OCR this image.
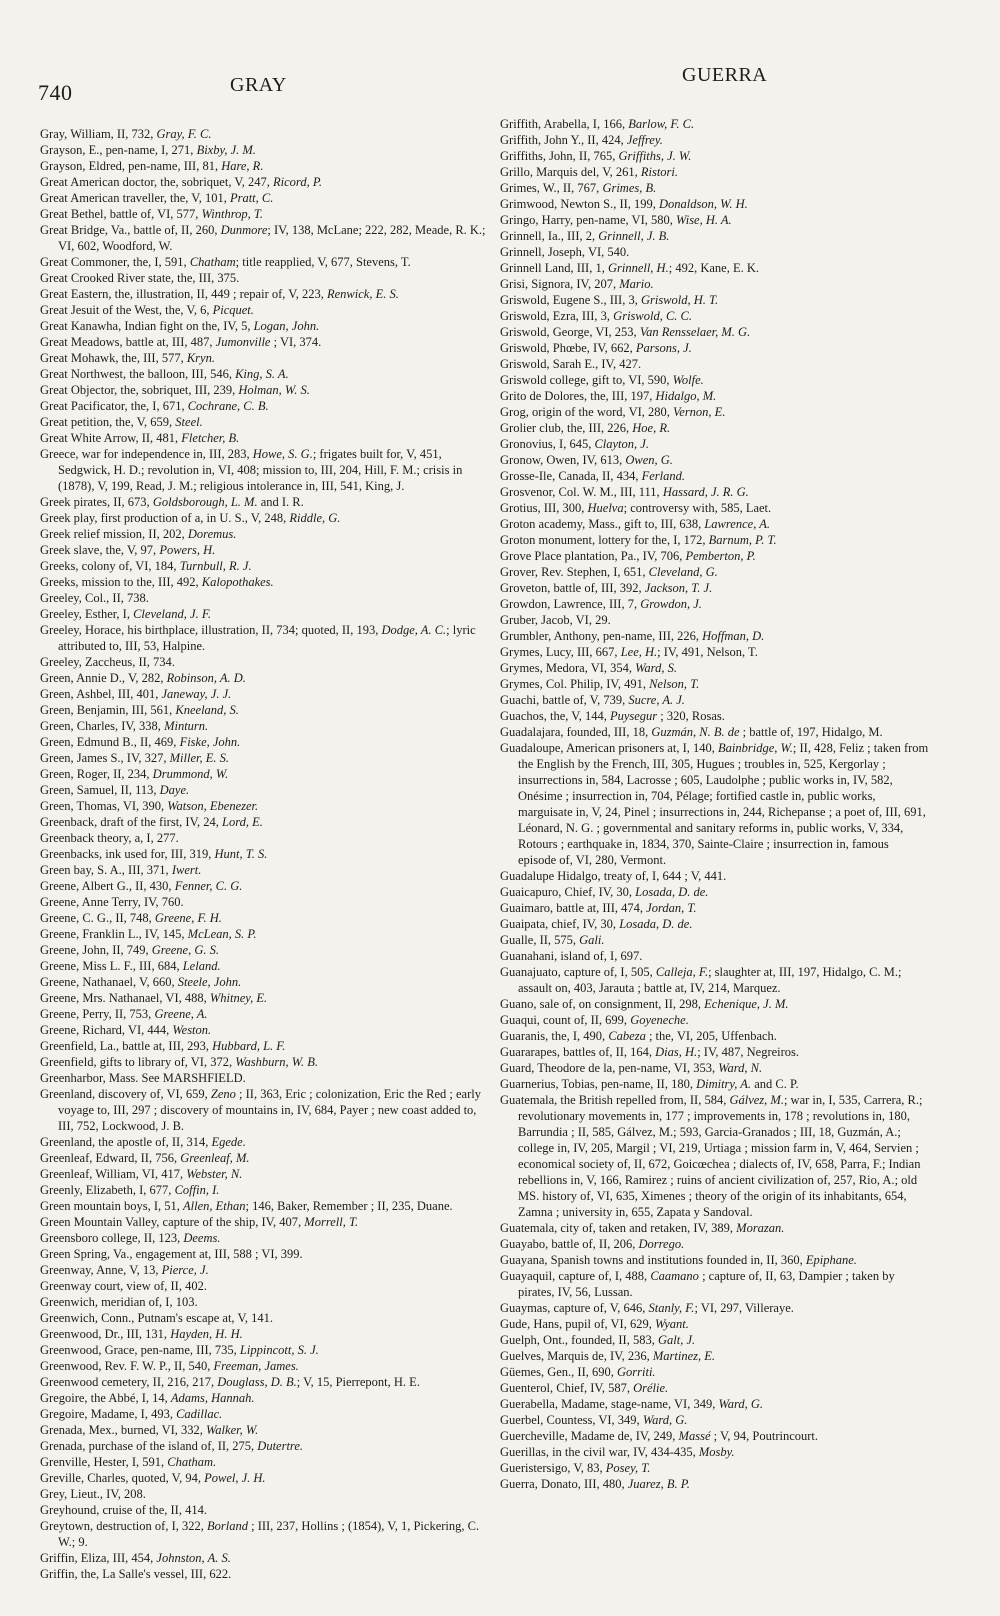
740	GRAY	GUERRA
Gray, William, II, 732, Gray, F. C.
Grayson, E., pen-name, I, 271, Bixby, J. M.
Grayson, Eldred, pen-name, III, 81, Hare, R.
Great American doctor, the, sobriquet, V, 247, Ricord, P.
Great American traveller, the, V, 101, Pratt, C.
Great Bethel, battle of, VI, 577, Winthrop, T.
Great Bridge, Va., battle of, II, 260, Dunmore; IV, 138, McLane; 222, 282, Meade, R. K.; VI, 602, Woodford, W.
Great Commoner, the, I, 591, Chatham; title reapplied, V, 677, Stevens, T.
Great Crooked River state, the, III, 375.
Great Eastern, the, illustration, II, 449 ; repair of, V, 223, Renwick, E. S.
Great Jesuit of the West, the, V, 6, Picquet.
Great Kanawha, Indian fight on the, IV, 5, Logan, John.
Great Meadows, battle at, III, 487, Jumonville ; VI, 374.
Great Mohawk, the, III, 577, Kryn.
Great Northwest, the balloon, III, 546, King, S. A.
Great Objector, the, sobriquet, III, 239, Holman, W. S.
Great Pacificator, the, I, 671, Cochrane, C. B.
Great petition, the, V, 659, Steel.
Great White Arrow, II, 481, Fletcher, B.
Greece, war for independence in, III, 283, Howe, S. G.; frigates built for, V, 451, Sedgwick, H. D.; revolution in, VI, 408; mission to, III, 204, Hill, F. M.; crisis in (1878), V, 199, Read, J. M.; religious intolerance in, III, 541, King, J.
Greek pirates, II, 673, Goldsborough, L. M. and I. R.
Greek play, first production of a, in U. S., V, 248, Riddle, G.
Greek relief mission, II, 202, Doremus.
Greek slave, the, V, 97, Powers, H.
Greeks, colony of, VI, 184, Turnbull, R. J.
Greeks, mission to the, III, 492, Kalopothakes.
Greeley, Col., II, 738.
Greeley, Esther, I, Cleveland, J. F.
Greeley, Horace, his birthplace, illustration, II, 734; quoted, II, 193, Dodge, A. C.; lyric attributed to, III, 53, Halpine.
Greeley, Zaccheus, II, 734.
Green, Annie D., V, 282, Robinson, A. D.
Green, Ashbel, III, 401, Janeway, J. J.
Green, Benjamin, III, 561, Kneeland, S.
Green, Charles, IV, 338, Minturn.
Green, Edmund B., II, 469, Fiske, John.
Green, James S., IV, 327, Miller, E. S.
Green, Roger, II, 234, Drummond, W.
Green, Samuel, II, 113, Daye.
Green, Thomas, VI, 390, Watson, Ebenezer.
Greenback, draft of the first, IV, 24, Lord, E.
Greenback theory, a, I, 277.
Greenbacks, ink used for, III, 319, Hunt, T. S.
Green bay, S. A., III, 371, Iwert.
Greene, Albert G., II, 430, Fenner, C. G.
Greene, Anne Terry, IV, 760.
Greene, C. G., II, 748, Greene, F. H.
Greene, Franklin L., IV, 145, McLean, S. P.
Greene, John, II, 749, Greene, G. S.
Greene, Miss L. F., III, 684, Leland.
Greene, Nathanael, V, 660, Steele, John.
Greene, Mrs. Nathanael, VI, 488, Whitney, E.
Greene, Perry, II, 753, Greene, A.
Greene, Richard, VI, 444, Weston.
Greenfield, La., battle at, III, 293, Hubbard, L. F.
Greenfield, gifts to library of, VI, 372, Washburn, W. B.
Greenharbor, Mass. See MARSHFIELD.
Greenland, discovery of, VI, 659, Zeno ; II, 363, Eric ; colonization, Eric the Red ; early voyage to, III, 297 ; discovery of mountains in, IV, 684, Payer ; new coast added to, III, 752, Lockwood, J. B.
Greenland, the apostle of, II, 314, Egede.
Greenleaf, Edward, II, 756, Greenleaf, M.
Greenleaf, William, VI, 417, Webster, N.
Greenly, Elizabeth, I, 677, Coffin, I.
Green mountain boys, I, 51, Allen, Ethan; 146, Baker, Remember ; II, 235, Duane.
Green Mountain Valley, capture of the ship, IV, 407, Morrell, T.
Greensboro college, II, 123, Deems.
Green Spring, Va., engagement at, III, 588 ; VI, 399.
Greenway, Anne, V, 13, Pierce, J.
Greenway court, view of, II, 402.
Greenwich, meridian of, I, 103.
Greenwich, Conn., Putnam's escape at, V, 141.
Greenwood, Dr., III, 131, Hayden, H. H.
Greenwood, Grace, pen-name, III, 735, Lippincott, S. J.
Greenwood, Rev. F. W. P., II, 540, Freeman, James.
Greenwood cemetery, II, 216, 217, Douglass, D. B.; V, 15, Pierrepont, H. E.
Gregoire, the Abbé, I, 14, Adams, Hannah.
Gregoire, Madame, I, 493, Cadillac.
Grenada, Mex., burned, VI, 332, Walker, W.
Grenada, purchase of the island of, II, 275, Dutertre.
Grenville, Hester, I, 591, Chatham.
Greville, Charles, quoted, V, 94, Powel, J. H.
Grey, Lieut., IV, 208.
Greyhound, cruise of the, II, 414.
Greytown, destruction of, I, 322, Borland ; III, 237, Hollins ; (1854), V, 1, Pickering, C. W.; 9.
Griffin, Eliza, III, 454, Johnston, A. S.
Griffin, the, La Salle's vessel, III, 622.
Griffith, Arabella, I, 166, Barlow, F. C.
Griffith, John Y., II, 424, Jeffrey.
Griffiths, John, II, 765, Griffiths, J. W.
Grillo, Marquis del, V, 261, Ristori.
Grimes, W., II, 767, Grimes, B.
Grimwood, Newton S., II, 199, Donaldson, W. H.
Gringo, Harry, pen-name, VI, 580, Wise, H. A.
Grinnell, Ia., III, 2, Grinnell, J. B.
Grinnell, Joseph, VI, 540.
Grinnell Land, III, 1, Grinnell, H.; 492, Kane, E. K.
Grisi, Signora, IV, 207, Mario.
Griswold, Eugene S., III, 3, Griswold, H. T.
Griswold, Ezra, III, 3, Griswold, C. C.
Griswold, George, VI, 253, Van Rensselaer, M. G.
Griswold, Phœbe, IV, 662, Parsons, J.
Griswold, Sarah E., IV, 427.
Griswold college, gift to, VI, 590, Wolfe.
Grito de Dolores, the, III, 197, Hidalgo, M.
Grog, origin of the word, VI, 280, Vernon, E.
Grolier club, the, III, 226, Hoe, R.
Gronovius, I, 645, Clayton, J.
Gronow, Owen, IV, 613, Owen, G.
Grosse-Ile, Canada, II, 434, Ferland.
Grosvenor, Col. W. M., III, 111, Hassard, J. R. G.
Grotius, III, 300, Huelva; controversy with, 585, Laet.
Groton academy, Mass., gift to, III, 638, Lawrence, A.
Groton monument, lottery for the, I, 172, Barnum, P. T.
Grove Place plantation, Pa., IV, 706, Pemberton, P.
Grover, Rev. Stephen, I, 651, Cleveland, G.
Groveton, battle of, III, 392, Jackson, T. J.
Growdon, Lawrence, III, 7, Growdon, J.
Gruber, Jacob, VI, 29.
Grumbler, Anthony, pen-name, III, 226, Hoffman, D.
Grymes, Lucy, III, 667, Lee, H.; IV, 491, Nelson, T.
Grymes, Medora, VI, 354, Ward, S.
Grymes, Col. Philip, IV, 491, Nelson, T.
Guachi, battle of, V, 739, Sucre, A. J.
Guachos, the, V, 144, Puysegur ; 320, Rosas.
Guadalajara, founded, III, 18, Guzmán, N. B. de ; battle of, 197, Hidalgo, M.
Guadaloupe, American prisoners at, I, 140, Bainbridge, W.; II, 428, Feliz ; taken from the English by the French, III, 305, Hugues ; troubles in, 525, Kergorlay ; insurrections in, 584, Lacrosse ; 605, Laudolphe ; public works in, IV, 582, Onésime ; insurrection in, 704, Pélage; fortified castle in, public works, marguisate in, V, 24, Pinel ; insurrections in, 244, Richepanse ; a poet of, III, 691, Léonard, N. G. ; governmental and sanitary reforms in, public works, V, 334, Rotours ; earthquake in, 1834, 370, Sainte-Claire ; insurrection in, famous episode of, VI, 280, Vermont.
Guadalupe Hidalgo, treaty of, I, 644 ; V, 441.
Guaicapuro, Chief, IV, 30, Losada, D. de.
Guaimaro, battle at, III, 474, Jordan, T.
Guaipata, chief, IV, 30, Losada, D. de.
Gualle, II, 575, Gali.
Guanahani, island of, I, 697.
Guanajuato, capture of, I, 505, Calleja, F.; slaughter at, III, 197, Hidalgo, C. M.; assault on, 403, Jarauta ; battle at, IV, 214, Marquez.
Guano, sale of, on consignment, II, 298, Echenique, J. M.
Guaqui, count of, II, 699, Goyeneche.
Guaranis, the, I, 490, Cabeza ; the, VI, 205, Uffenbach.
Guararapes, battles of, II, 164, Dias, H.; IV, 487, Negreiros.
Guard, Theodore de la, pen-name, VI, 353, Ward, N.
Guarnerius, Tobias, pen-name, II, 180, Dimitry, A. and C. P.
Guatemala, the British repelled from, II, 584, Gálvez, M.; war in, I, 535, Carrera, R.; revolutionary movements in, 177 ; improvements in, 178 ; revolutions in, 180, Barrundia ; II, 585, Gálvez, M.; 593, Garcia-Granados ; III, 18, Guzmán, A.; college in, IV, 205, Margil ; VI, 219, Urtiaga ; mission farm in, V, 464, Servien ; economical society of, II, 672, Goicœchea ; dialects of, IV, 658, Parra, F.; Indian rebellions in, V, 166, Ramirez ; ruins of ancient civilization of, 257, Rio, A.; old MS. history of, VI, 635, Ximenes ; theory of the origin of its inhabitants, 654, Zamna ; university in, 655, Zapata y Sandoval.
Guatemala, city of, taken and retaken, IV, 389, Morazan.
Guayabo, battle of, II, 206, Dorrego.
Guayana, Spanish towns and institutions founded in, II, 360, Epiphane.
Guayaquil, capture of, I, 488, Caamano ; capture of, II, 63, Dampier ; taken by pirates, IV, 56, Lussan.
Guaymas, capture of, V, 646, Stanly, F.; VI, 297, Villeraye.
Gude, Hans, pupil of, VI, 629, Wyant.
Guelph, Ont., founded, II, 583, Galt, J.
Guelves, Marquis de, IV, 236, Martinez, E.
Güemes, Gen., II, 690, Gorriti.
Guenterol, Chief, IV, 587, Orélie.
Guerabella, Madame, stage-name, VI, 349, Ward, G.
Guerbel, Countess, VI, 349, Ward, G.
Guercheville, Madame de, IV, 249, Massé ; V, 94, Poutrincourt.
Guerillas, in the civil war, IV, 434-435, Mosby.
Gueristersigo, V, 83, Posey, T.
Guerra, Donato, III, 480, Juarez, B. P.
